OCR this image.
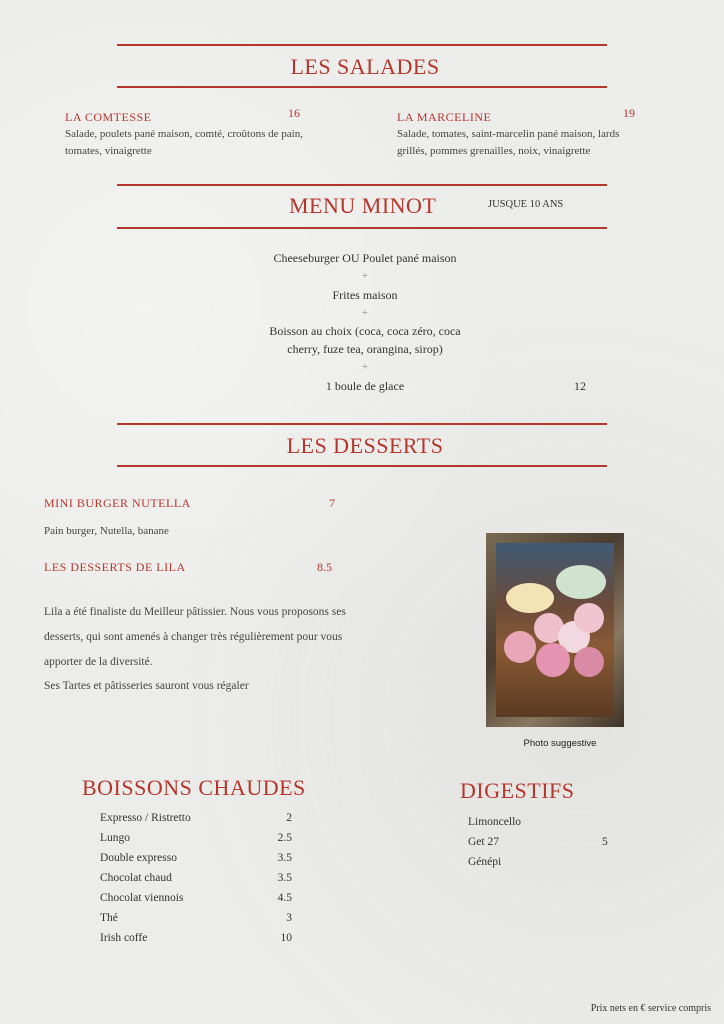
LES SALADES
LA COMTESSE	16
Salade, poulets pané maison, comté, croûtons de pain, tomates, vinaigrette
LA MARCELINE	19
Salade, tomates, saint-marcelin pané maison, lards grillés, pommes grenailles, noix, vinaigrette
MENU MINOT	JUSQUE 10 ANS
Cheeseburger OU Poulet pané maison
+
Frites maison
+
Boisson au choix (coca, coca zéro, coca
cherry, fuze tea, orangina, sirop)
+
1 boule de glace	12
LES DESSERTS
MINI BURGER NUTELLA	7
Pain burger, Nutella, banane
LES DESSERTS DE LILA	8.5
Lila a été finaliste du Meilleur pâtissier. Nous vous proposons ses
desserts, qui sont amenés à changer très régulièrement pour vous
apporter de la diversité.
Ses Tartes et pâtisseries sauront vous régaler
Photo suggestive
BOISSONS CHAUDES
Expresso / Ristretto	2
Lungo	2.5
Double expresso	3.5
Chocolat chaud	3.5
Chocolat viennois	4.5
Thé	3
Irish coffe	10
DIGESTIFS
Limoncello
Get 27	5
Génépi
Prix nets en € service compris
